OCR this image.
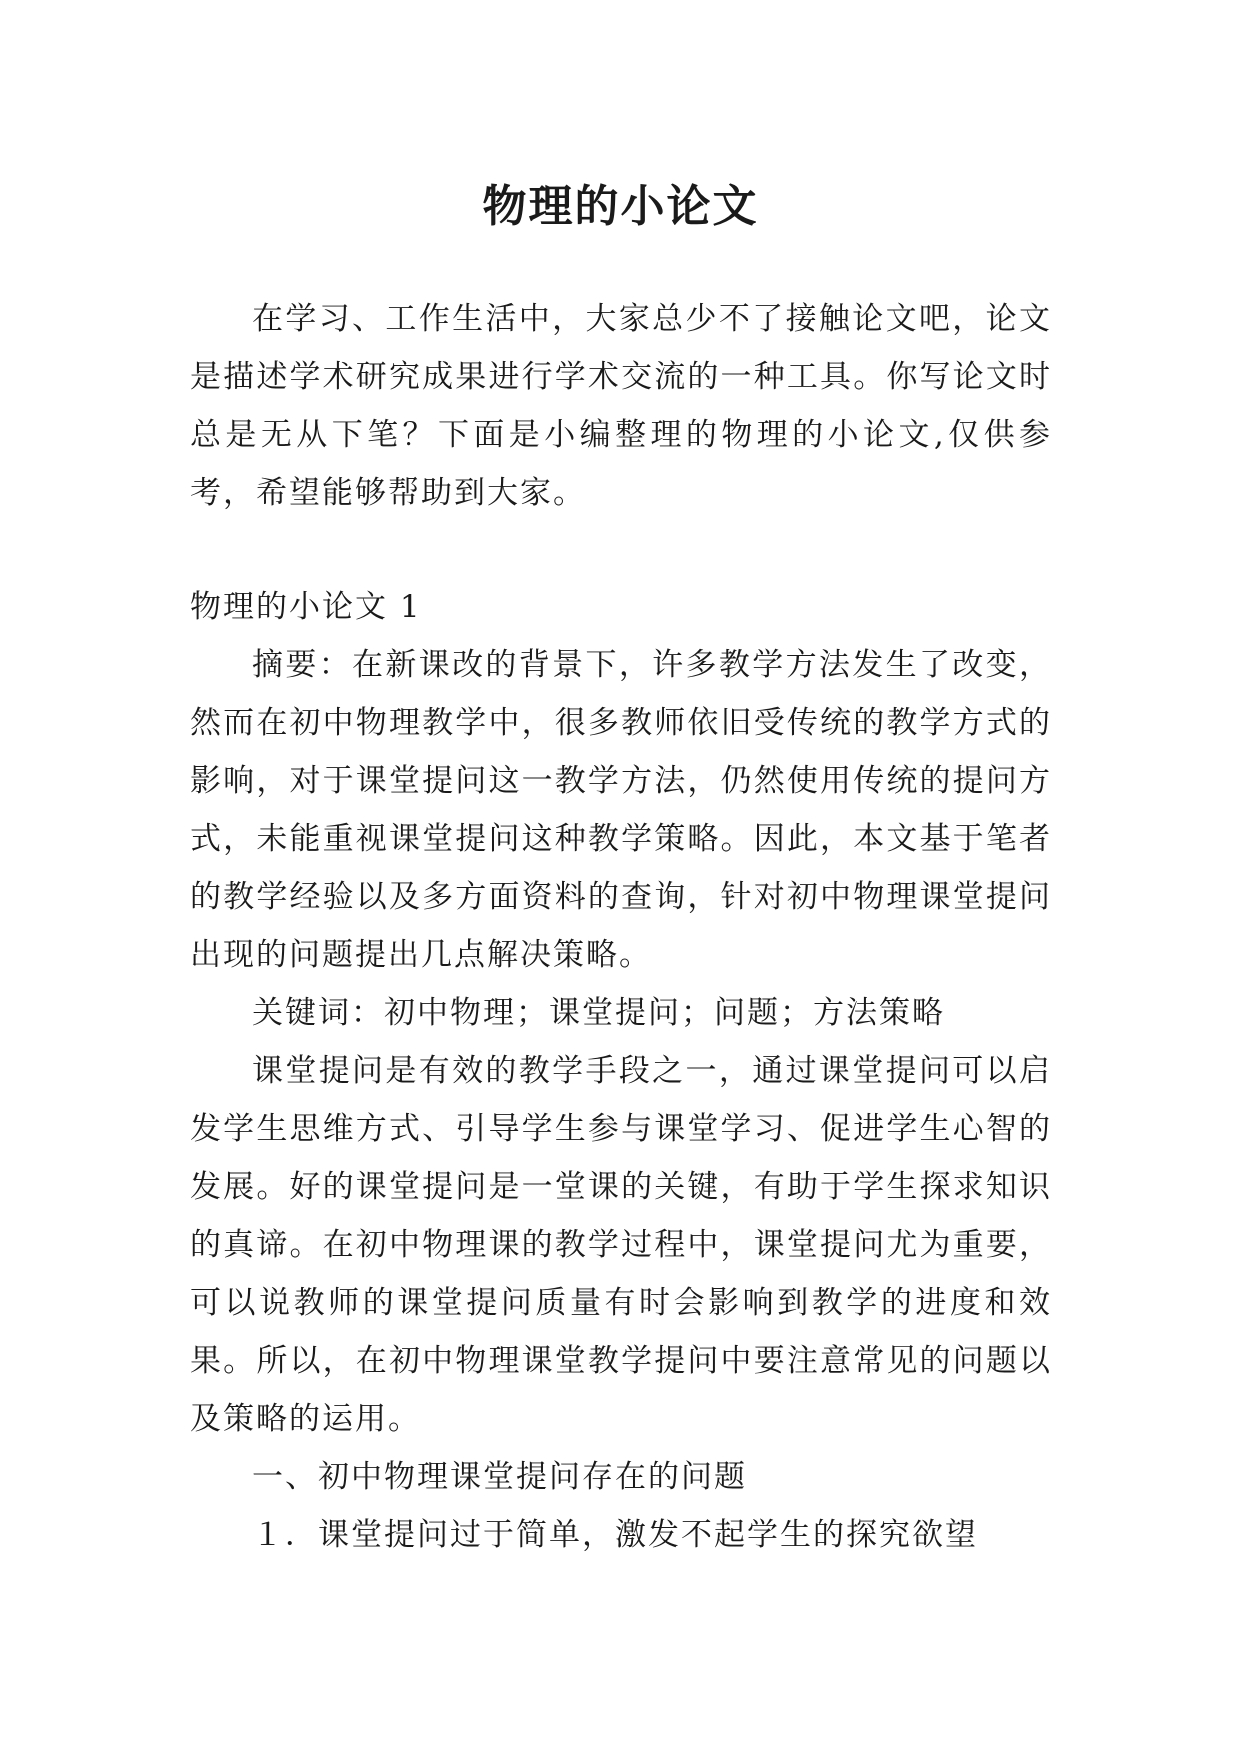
物理的小论文

在学习、工作生活中，大家总少不了接触论文吧，论文是描述学术研究成果进行学术交流的一种工具。你写论文时总是无从下笔？下面是小编整理的物理的小论文,仅供参考，希望能够帮助到大家。

物理的小论文 1

摘要：在新课改的背景下，许多教学方法发生了改变，然而在初中物理教学中，很多教师依旧受传统的教学方式的影响，对于课堂提问这一教学方法，仍然使用传统的提问方式，未能重视课堂提问这种教学策略。因此，本文基于笔者的教学经验以及多方面资料的查询，针对初中物理课堂提问出现的问题提出几点解决策略。

关键词：初中物理；课堂提问；问题；方法策略

课堂提问是有效的教学手段之一，通过课堂提问可以启发学生思维方式、引导学生参与课堂学习、促进学生心智的发展。好的课堂提问是一堂课的关键，有助于学生探求知识的真谛。在初中物理课的教学过程中，课堂提问尤为重要，可以说教师的课堂提问质量有时会影响到教学的进度和效果。所以，在初中物理课堂教学提问中要注意常见的问题以及策略的运用。

一、初中物理课堂提问存在的问题

１．课堂提问过于简单，激发不起学生的探究欲望
